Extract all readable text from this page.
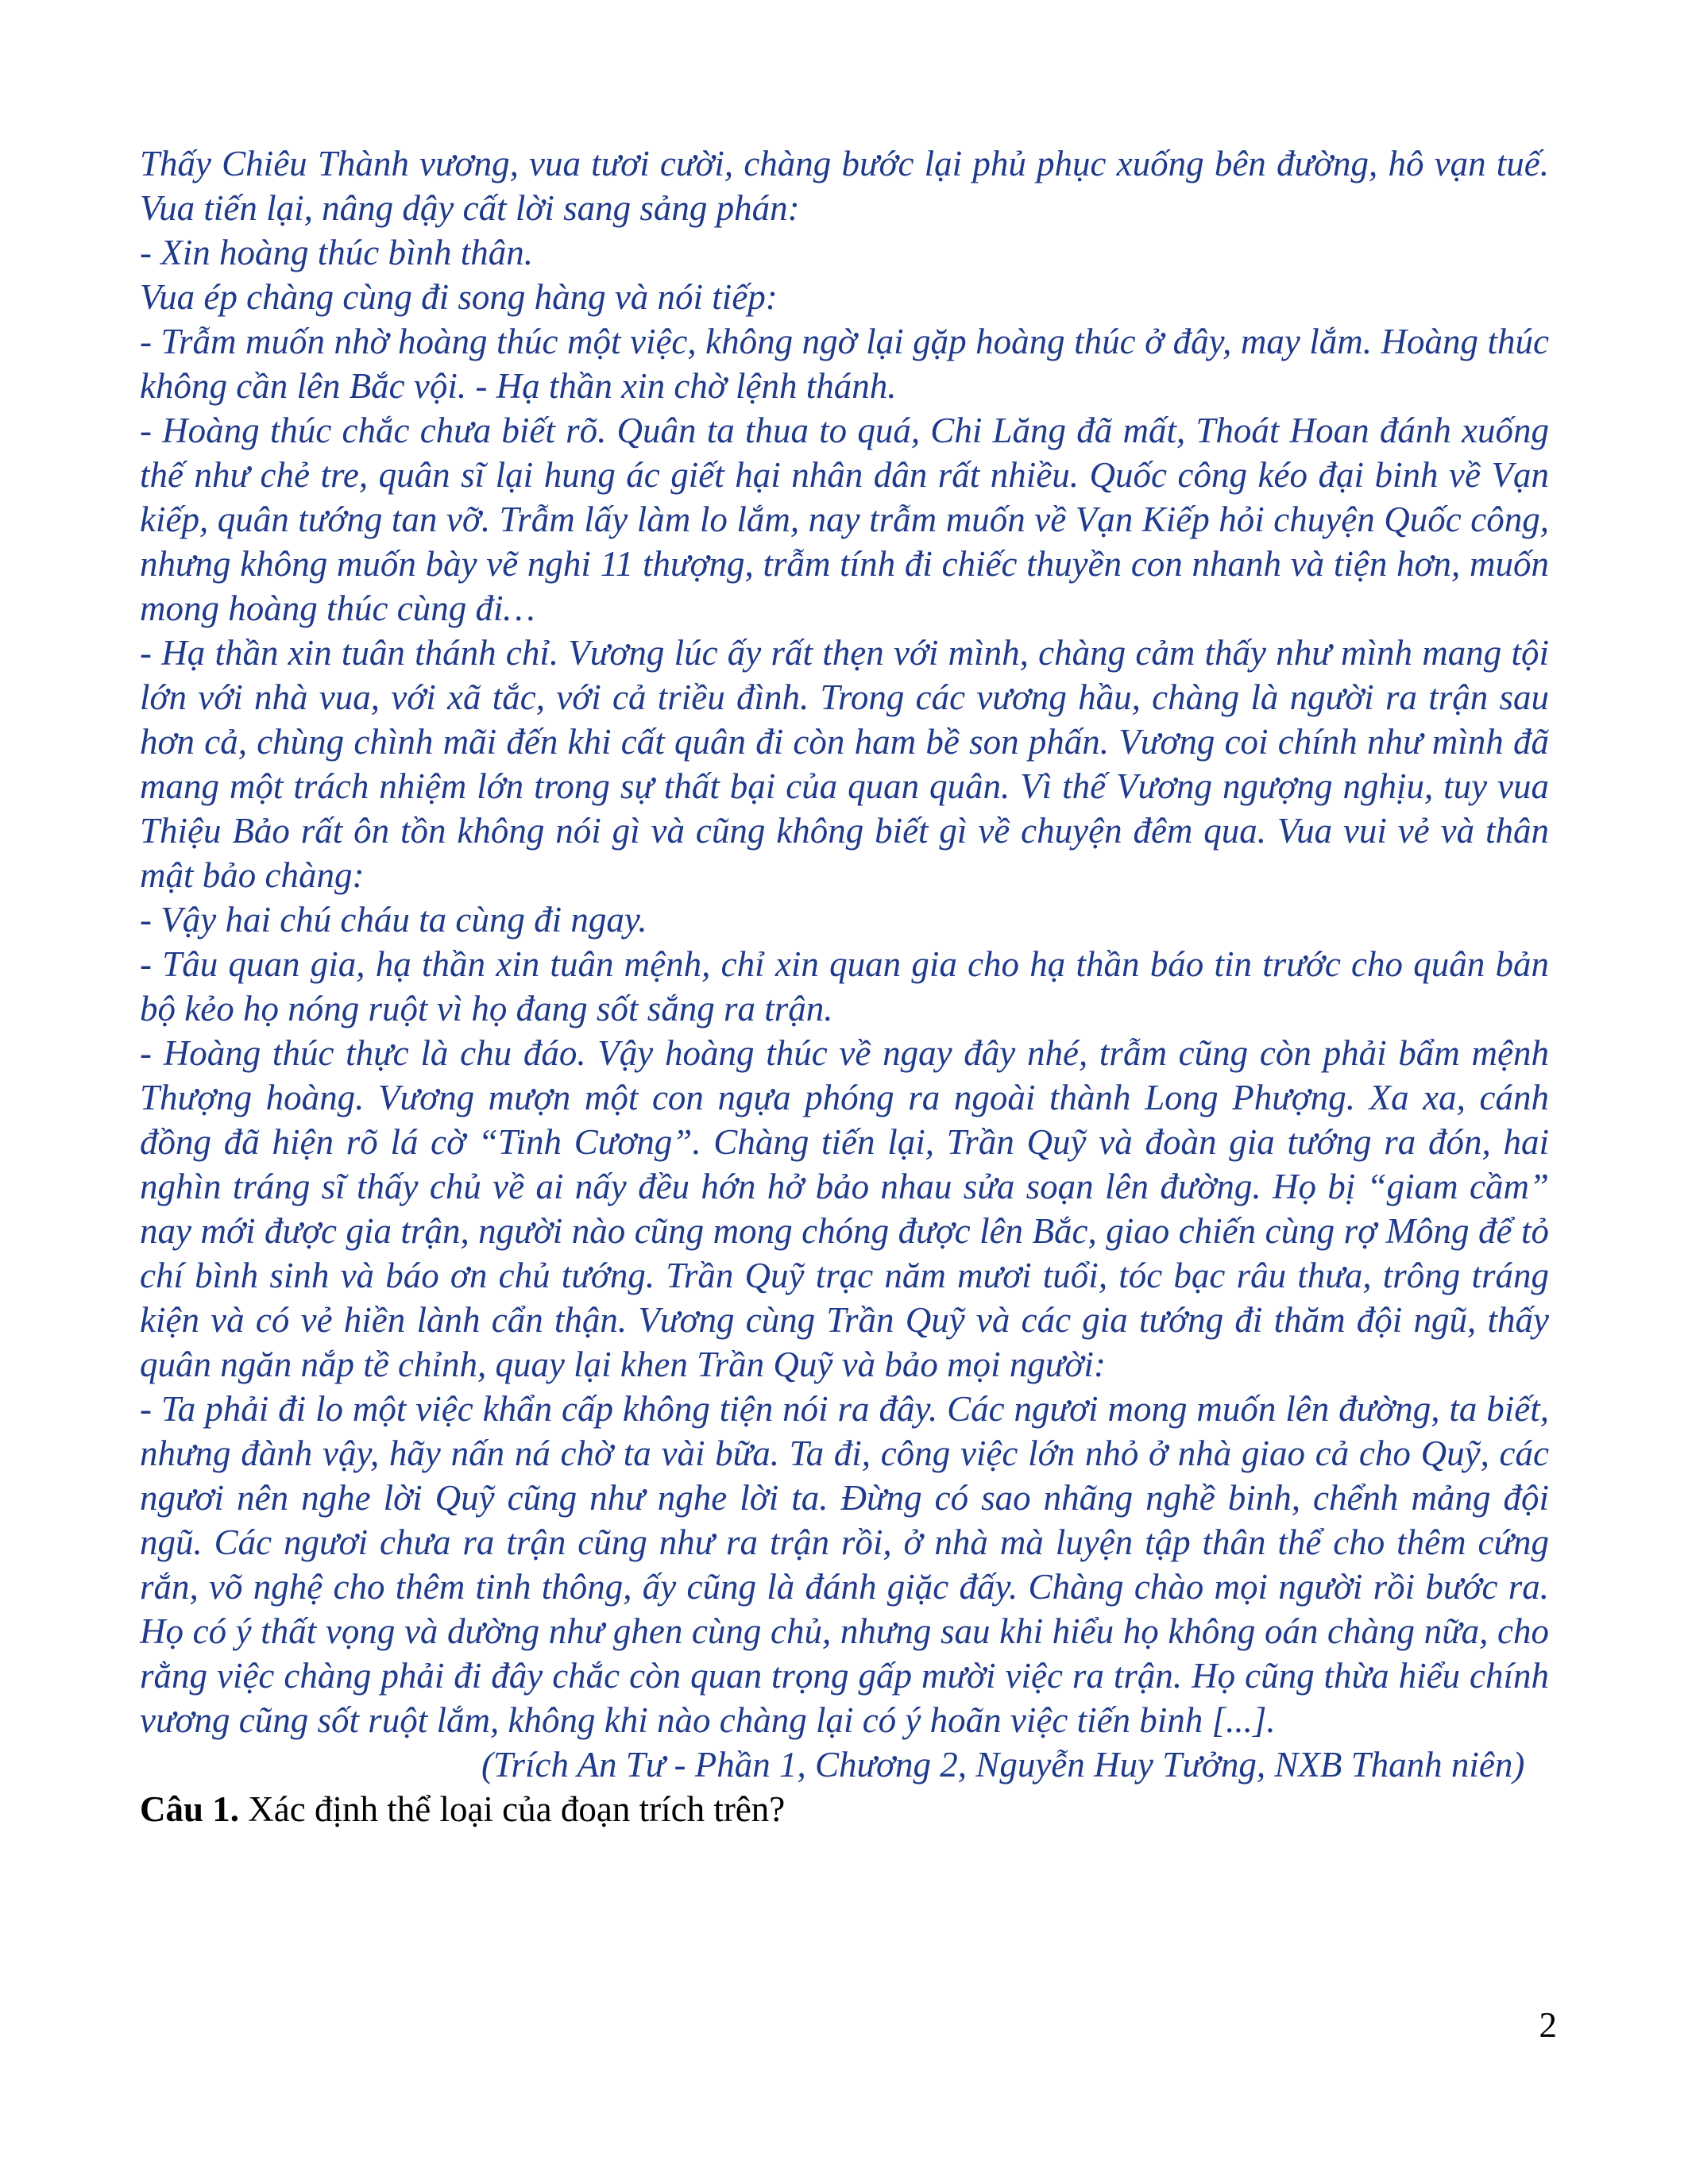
Thấy Chiêu Thành vương, vua tươi cười, chàng bước lại phủ phục xuống bên đường, hô vạn tuế. Vua tiến lại, nâng dậy cất lời sang sảng phán:

- Xin hoàng thúc bình thân.

Vua ép chàng cùng đi song hàng và nói tiếp:

- Trẫm muốn nhờ hoàng thúc một việc, không ngờ lại gặp hoàng thúc ở đây, may lắm. Hoàng thúc không cần lên Bắc vội. - Hạ thần xin chờ lệnh thánh.

- Hoàng thúc chắc chưa biết rõ. Quân ta thua to quá, Chi Lăng đã mất, Thoát Hoan đánh xuống thế như chẻ tre, quân sĩ lại hung ác giết hại nhân dân rất nhiều. Quốc công kéo đại binh về Vạn kiếp, quân tướng tan vỡ. Trẫm lấy làm lo lắm, nay trẫm muốn về Vạn Kiếp hỏi chuyện Quốc công, nhưng không muốn bày vẽ nghi 11 thượng, trẫm tính đi chiếc thuyền con nhanh và tiện hơn, muốn mong hoàng thúc cùng đi…

- Hạ thần xin tuân thánh chỉ. Vương lúc ấy rất thẹn với mình, chàng cảm thấy như mình mang tội lớn với nhà vua, với xã tắc, với cả triều đình. Trong các vương hầu, chàng là người ra trận sau hơn cả, chùng chình mãi đến khi cất quân đi còn ham bề son phấn. Vương coi chính như mình đã mang một trách nhiệm lớn trong sự thất bại của quan quân. Vì thế Vương ngượng nghịu, tuy vua Thiệu Bảo rất ôn tồn không nói gì và cũng không biết gì về chuyện đêm qua. Vua vui vẻ và thân mật bảo chàng:

- Vậy hai chú cháu ta cùng đi ngay.

- Tâu quan gia, hạ thần xin tuân mệnh, chỉ xin quan gia cho hạ thần báo tin trước cho quân bản bộ kẻo họ nóng ruột vì họ đang sốt sắng ra trận.

- Hoàng thúc thực là chu đáo. Vậy hoàng thúc về ngay đây nhé, trẫm cũng còn phải bẩm mệnh Thượng hoàng. Vương mượn một con ngựa phóng ra ngoài thành Long Phượng. Xa xa, cánh đồng đã hiện rõ lá cờ “Tinh Cương”. Chàng tiến lại, Trần Quỹ và đoàn gia tướng ra đón, hai nghìn tráng sĩ thấy chủ về ai nấy đều hớn hở bảo nhau sửa soạn lên đường. Họ bị “giam cầm” nay mới được gia trận, người nào cũng mong chóng được lên Bắc, giao chiến cùng rợ Mông để tỏ chí bình sinh và báo ơn chủ tướng. Trần Quỹ trạc năm mươi tuổi, tóc bạc râu thưa, trông tráng kiện và có vẻ hiền lành cẩn thận. Vương cùng Trần Quỹ và các gia tướng đi thăm đội ngũ, thấy quân ngăn nắp tề chỉnh, quay lại khen Trần Quỹ và bảo mọi người:

- Ta phải đi lo một việc khẩn cấp không tiện nói ra đây. Các ngươi mong muốn lên đường, ta biết, nhưng đành vậy, hãy nấn ná chờ ta vài bữa. Ta đi, công việc lớn nhỏ ở nhà giao cả cho Quỹ, các ngươi nên nghe lời Quỹ cũng như nghe lời ta. Đừng có sao nhãng nghề binh, chểnh mảng đội ngũ. Các ngươi chưa ra trận cũng như ra trận rồi, ở nhà mà luyện tập thân thể cho thêm cứng rắn, võ nghệ cho thêm tinh thông, ấy cũng là đánh giặc đấy. Chàng chào mọi người rồi bước ra. Họ có ý thất vọng và dường như ghen cùng chủ, nhưng sau khi hiểu họ không oán chàng nữa, cho rằng việc chàng phải đi đây chắc còn quan trọng gấp mười việc ra trận. Họ cũng thừa hiểu chính vương cũng sốt ruột lắm, không khi nào chàng lại có ý hoãn việc tiến binh [...].

(Trích An Tư - Phần 1, Chương 2, Nguyễn Huy Tưởng, NXB Thanh niên)

Câu 1. Xác định thể loại của đoạn trích trên?

2
